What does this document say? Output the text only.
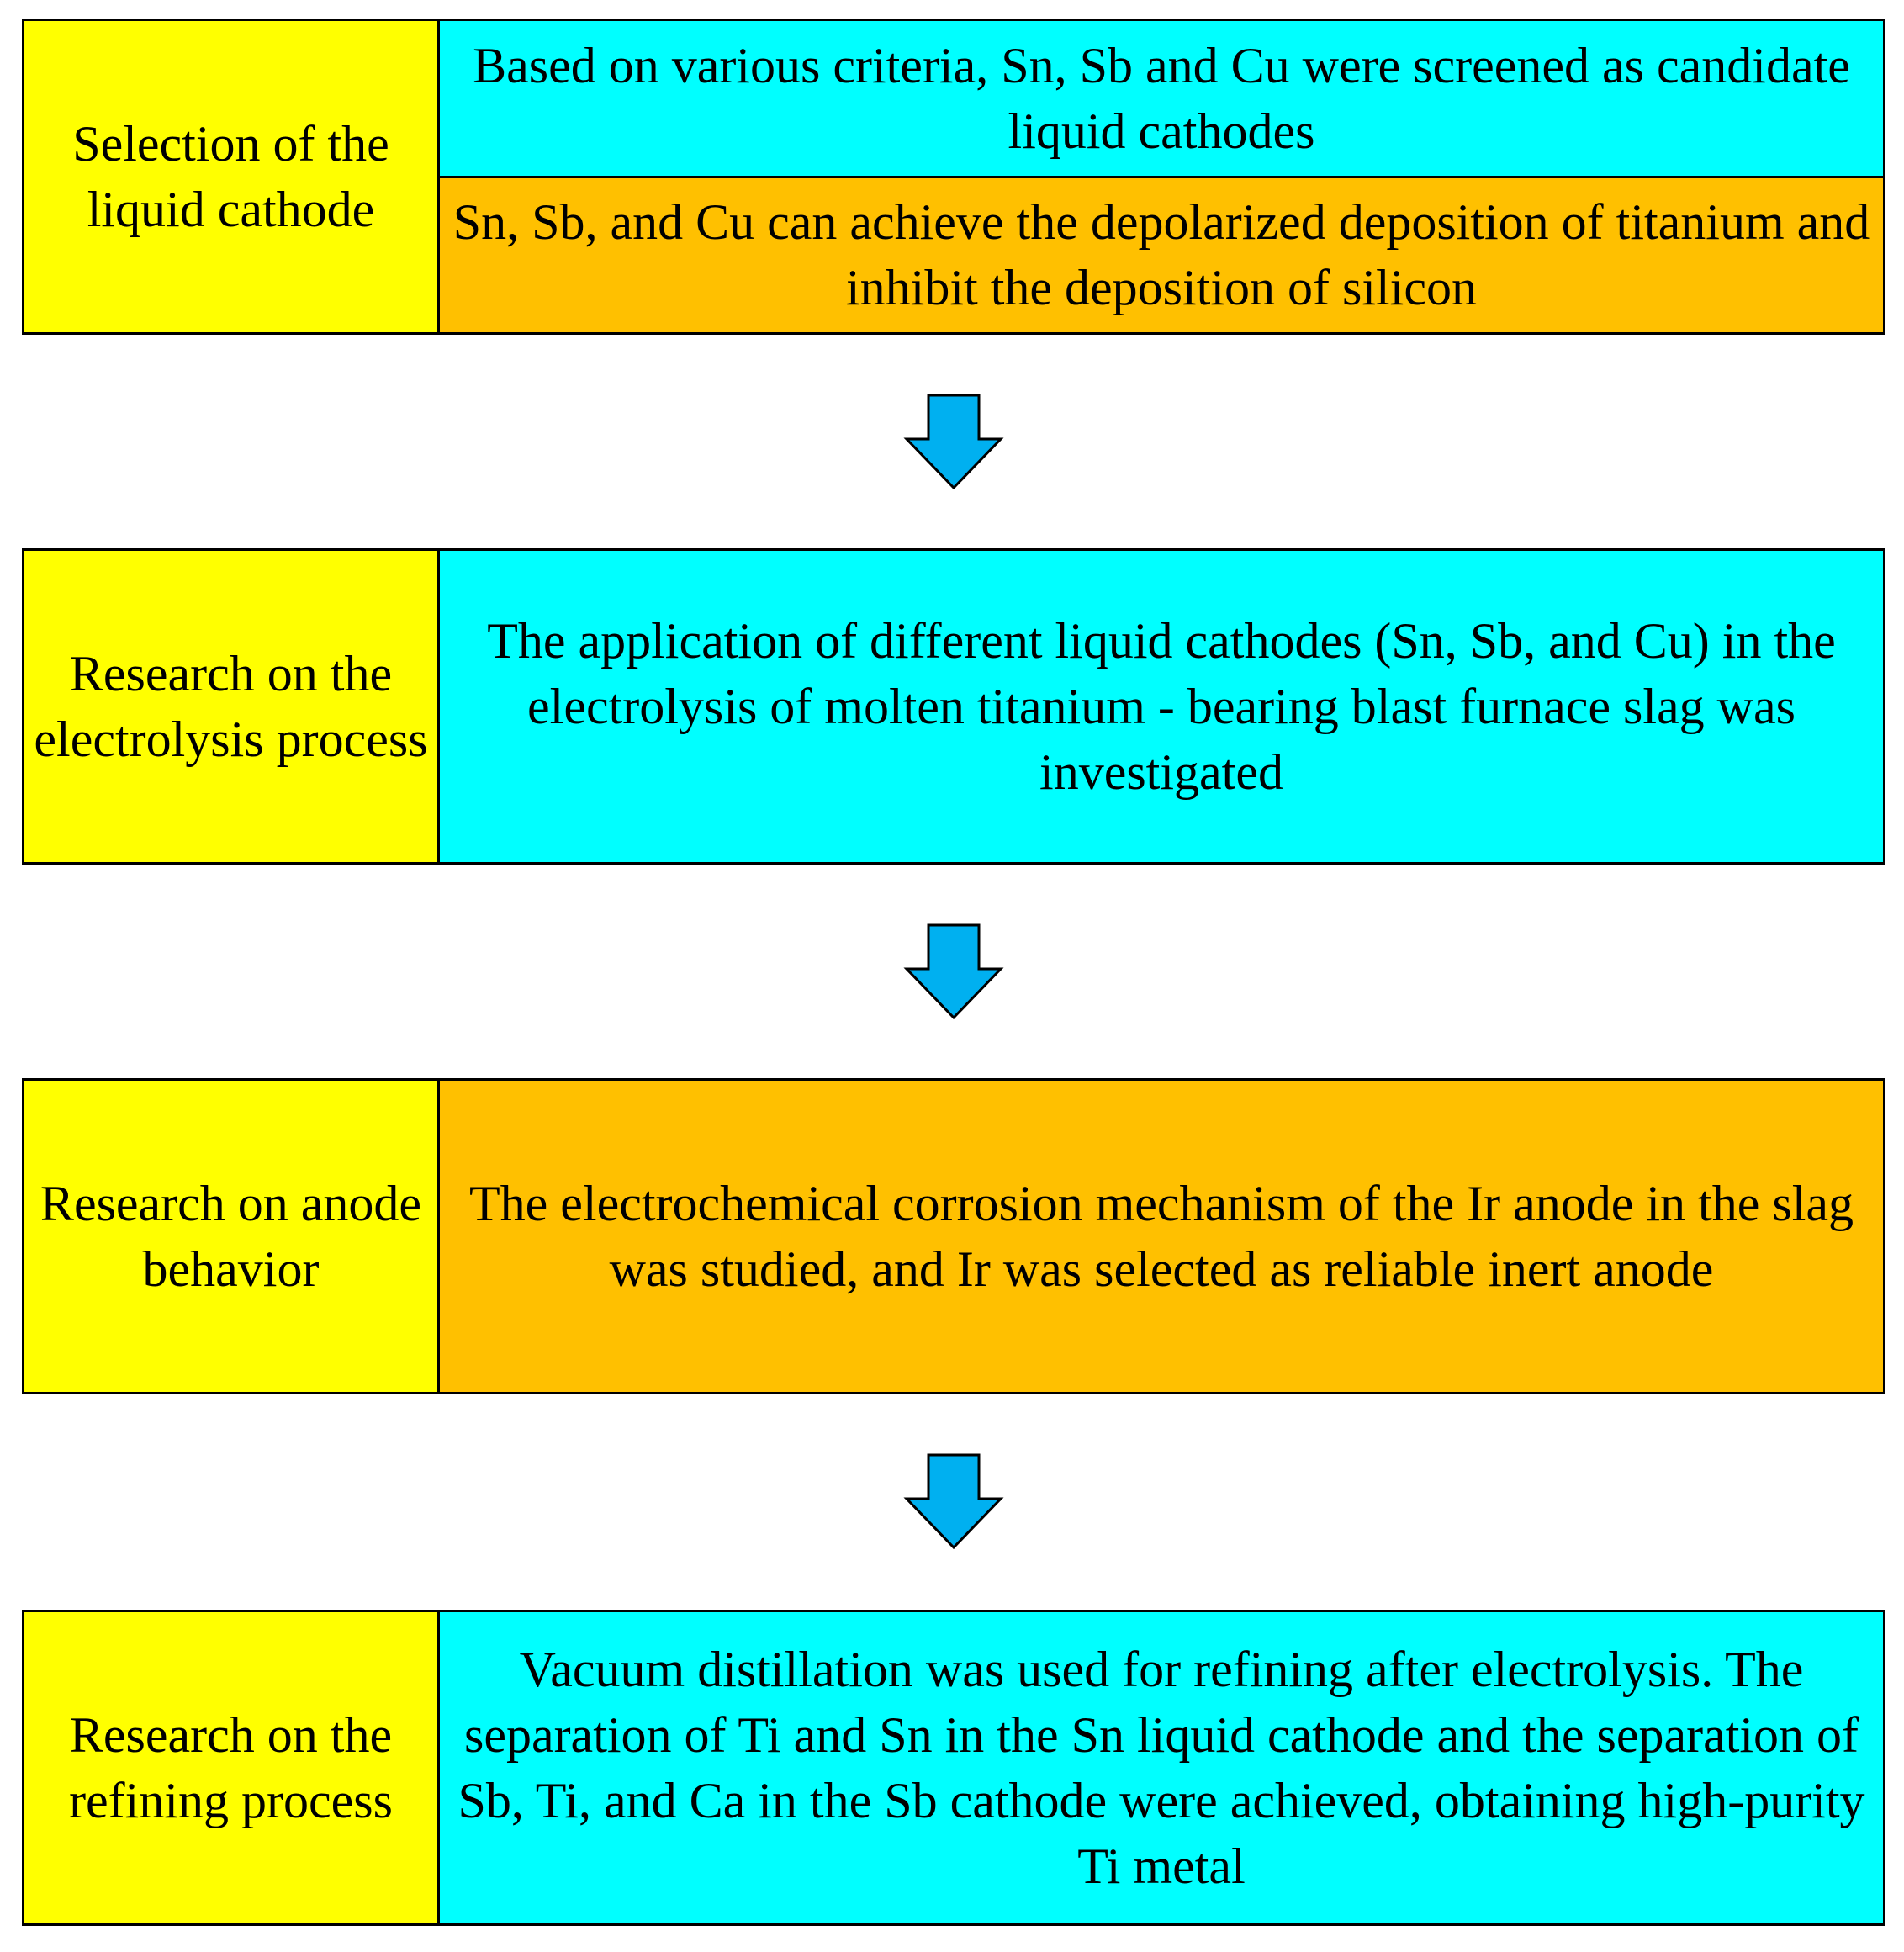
Selection of the liquid cathode
Based on various criteria, Sn, Sb and Cu were screened as candidate liquid cathodes
Sn, Sb, and Cu can achieve the depolarized deposition of titanium and inhibit the deposition of silicon
Research on the electrolysis process
The application of different liquid cathodes (Sn, Sb, and Cu) in the electrolysis of molten titanium - bearing blast furnace slag was investigated
Research on anode behavior
The electrochemical corrosion mechanism of the Ir anode in the slag was studied, and Ir was selected as reliable inert anode
Research on the refining process
Vacuum distillation was used for refining after electrolysis. The separation of Ti and Sn in the Sn liquid cathode and the separation of Sb, Ti, and Ca in the Sb cathode were achieved, obtaining high-purity Ti metal
